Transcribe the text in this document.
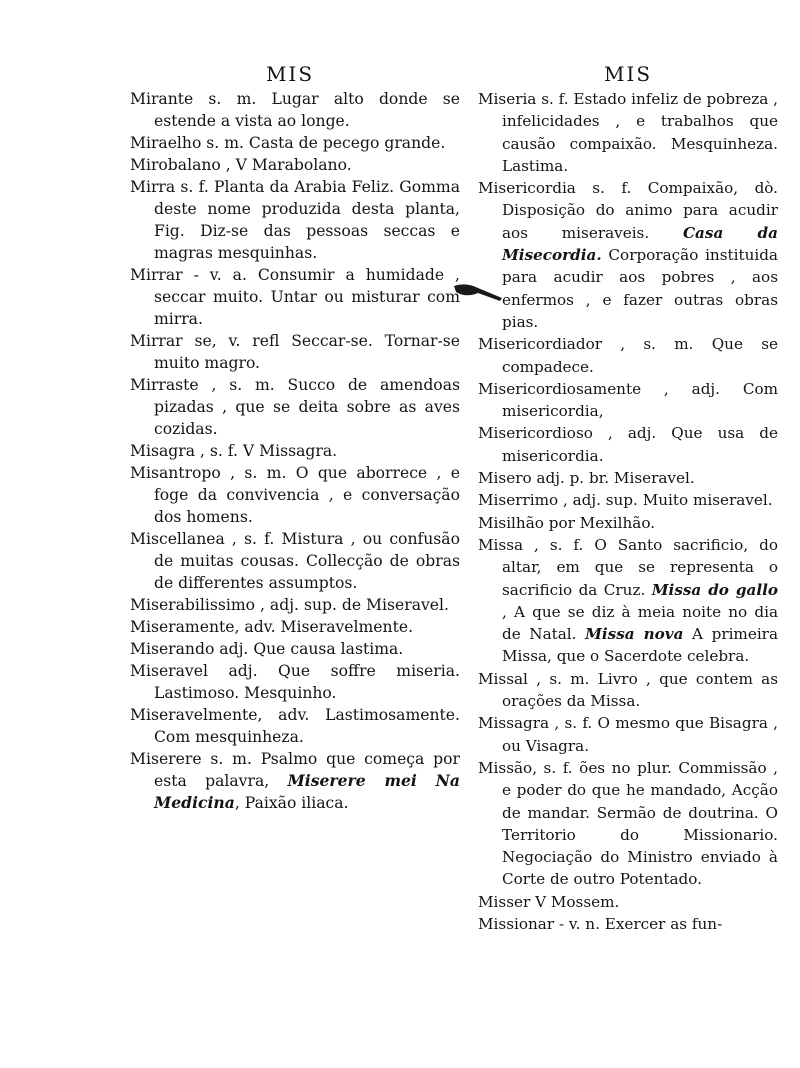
MIS

Mirante s. m. Lugar alto donde se estende a vista ao longe.

Miraelho s. m. Casta de pecego grande.

Mirobalano , V Marabolano.

Mirra s. f. Planta da Arabia Feliz. Gomma deste nome produzida desta planta, Fig. Diz-se das pessoas seccas e magras mesquinhas.

Mirrar - v. a. Consumir a humidade , seccar muito. Untar ou misturar com mirra.

Mirrar se, v. refl Seccar-se. Tornar-se muito magro.

Mirraste , s. m. Succo de amendoas pizadas , que se deita sobre as aves cozidas.

Misagra , s. f. V Missagra.

Misantropo , s. m. O que aborrece , e foge da convivencia , e conversação dos homens.

Miscellanea , s. f. Mistura , ou confusão de muitas cousas. Collecção de obras de differentes assumptos.

Miserabilissimo , adj. sup. de Miseravel.

Miseramente, adv. Miseravelmente.

Miserando adj. Que causa lastima.

Miseravel adj. Que soffre miseria. Lastimoso. Mesquinho.

Miseravelmente, adv. Lastimosamente. Com mesquinheza.

Miserere s. m. Psalmo que começa por esta palavra, Miserere mei Na Medicina, Paixão iliaca.

MIS

Miseria s. f. Estado infeliz de pobreza , infelicidades , e trabalhos que causão compaixão. Mesquinheza. Lastima.

Misericordia s. f. Compaixão, dò. Disposição do animo para acudir aos miseraveis. Casa da Misecordia. Corporação instituida para acudir aos pobres , aos enfermos , e fazer outras obras pias.

Misericordiador , s. m. Que se compadece.

Misericordiosamente , adj. Com misericordia,

Misericordioso , adj. Que usa de misericordia.

Misero adj. p. br. Miseravel.

Miserrimo , adj. sup. Muito miseravel.

Misilhão por Mexilhão.

Missa , s. f. O Santo sacrificio, do altar, em que se representa o sacrificio da Cruz. Missa do gallo , A que se diz à meia noite no dia de Natal. Missa nova A primeira Missa, que o Sacerdote celebra.

Missal , s. m. Livro , que contem as orações da Missa.

Missagra , s. f. O mesmo que Bisagra , ou Visagra.

Missão, s. f. ões no plur. Commissão , e poder do que he mandado, Acção de mandar. Sermão de doutrina. O Territorio do Missionario. Negociação do Ministro enviado à Corte de outro Potentado.

Misser V Mossem.

Missionar - v. n. Exercer as fun-
